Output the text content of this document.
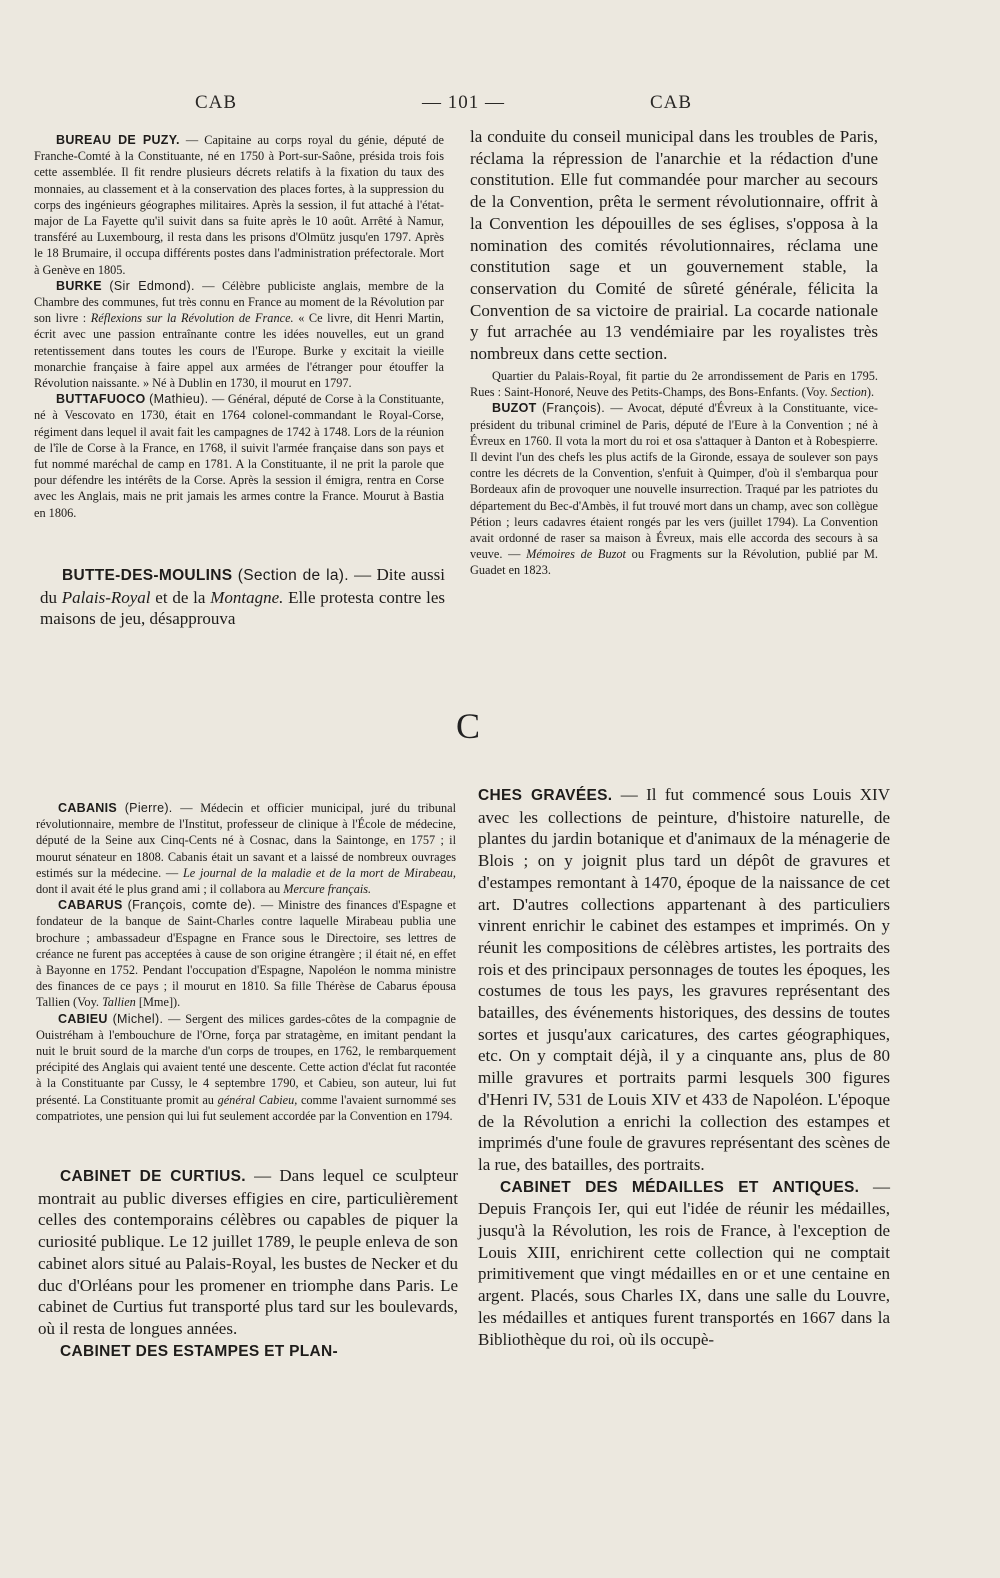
CAB	— 101 —	CAB

BUREAU DE PUZY. — Capitaine au corps royal du génie, député de Franche-Comté à la Constituante, né en 1750 à Port-sur-Saône, présida trois fois cette assemblée. Il fit rendre plusieurs décrets relatifs à la fixation du taux des monnaies, au classement et à la conservation des places fortes, à la suppression du corps des ingénieurs géographes militaires. Après la session, il fut attaché à l'état-major de La Fayette qu'il suivit dans sa fuite après le 10 août. Arrêté à Namur, transféré au Luxembourg, il resta dans les prisons d'Olmütz jusqu'en 1797. Après le 18 Brumaire, il occupa différents postes dans l'administration préfectorale. Mort à Genève en 1805.

BURKE (Sir Edmond). — Célèbre publiciste anglais, membre de la Chambre des communes, fut très connu en France au moment de la Révolution par son livre : Réflexions sur la Révolution de France. « Ce livre, dit Henri Martin, écrit avec une passion entraînante contre les idées nouvelles, eut un grand retentissement dans toutes les cours de l'Europe. Burke y excitait la vieille monarchie française à faire appel aux armées de l'étranger pour étouffer la Révolution naissante. » Né à Dublin en 1730, il mourut en 1797.

BUTTAFUOCO (Mathieu). — Général, député de Corse à la Constituante, né à Vescovato en 1730, était en 1764 colonel-commandant le Royal-Corse, régiment dans lequel il avait fait les campagnes de 1742 à 1748. Lors de la réunion de l'île de Corse à la France, en 1768, il suivit l'armée française dans son pays et fut nommé maréchal de camp en 1781. A la Constituante, il ne prit la parole que pour défendre les intérêts de la Corse. Après la session il émigra, rentra en Corse avec les Anglais, mais ne prit jamais les armes contre la France. Mourut à Bastia en 1806.

BUTTE-DES-MOULINS (Section de la). — Dite aussi du Palais-Royal et de la Montagne. Elle protesta contre les maisons de jeu, désapprouva

la conduite du conseil municipal dans les troubles de Paris, réclama la répression de l'anarchie et la rédaction d'une constitution. Elle fut commandée pour marcher au secours de la Convention, prêta le serment révolutionnaire, offrit à la Convention les dépouilles de ses églises, s'opposa à la nomination des comités révolutionnaires, réclama une constitution sage et un gouvernement stable, la conservation du Comité de sûreté générale, félicita la Convention de sa victoire de prairial. La cocarde nationale y fut arrachée au 13 vendémiaire par les royalistes très nombreux dans cette section.

Quartier du Palais-Royal, fit partie du 2e arrondissement de Paris en 1795. Rues : Saint-Honoré, Neuve des Petits-Champs, des Bons-Enfants. (Voy. Section).

BUZOT (François). — Avocat, député d'Évreux à la Constituante, vice-président du tribunal criminel de Paris, député de l'Eure à la Convention ; né à Évreux en 1760. Il vota la mort du roi et osa s'attaquer à Danton et à Robespierre. Il devint l'un des chefs les plus actifs de la Gironde, essaya de soulever son pays contre les décrets de la Convention, s'enfuit à Quimper, d'où il s'embarqua pour Bordeaux afin de provoquer une nouvelle insurrection. Traqué par les patriotes du département du Bec-d'Ambès, il fut trouvé mort dans un champ, avec son collègue Pétion ; leurs cadavres étaient rongés par les vers (juillet 1794). La Convention avait ordonné de raser sa maison à Évreux, mais elle accorda des secours à sa veuve. — Mémoires de Buzot ou Fragments sur la Révolution, publié par M. Guadet en 1823.

C

CABANIS (Pierre). — Médecin et officier municipal, juré du tribunal révolutionnaire, membre de l'Institut, professeur de clinique à l'École de médecine, député de la Seine aux Cinq-Cents né à Cosnac, dans la Saintonge, en 1757 ; il mourut sénateur en 1808. Cabanis était un savant et a laissé de nombreux ouvrages estimés sur la médecine. — Le journal de la maladie et de la mort de Mirabeau, dont il avait été le plus grand ami ; il collabora au Mercure français.

CABARUS (François, comte de). — Ministre des finances d'Espagne et fondateur de la banque de Saint-Charles contre laquelle Mirabeau publia une brochure ; ambassadeur d'Espagne en France sous le Directoire, ses lettres de créance ne furent pas acceptées à cause de son origine étrangère ; il était né, en effet à Bayonne en 1752. Pendant l'occupation d'Espagne, Napoléon le nomma ministre des finances de ce pays ; il mourut en 1810. Sa fille Thérèse de Cabarus épousa Tallien (Voy. Tallien [Mme]).

CABIEU (Michel). — Sergent des milices gardes-côtes de la compagnie de Ouistréham à l'embouchure de l'Orne, força par stratagème, en imitant pendant la nuit le bruit sourd de la marche d'un corps de troupes, en 1762, le rembarquement précipité des Anglais qui avaient tenté une descente. Cette action d'éclat fut racontée à la Constituante par Cussy, le 4 septembre 1790, et Cabieu, son auteur, lui fut présenté. La Constituante promit au général Cabieu, comme l'avaient surnommé ses compatriotes, une pension qui lui fut seulement accordée par la Convention en 1794.

CABINET DE CURTIUS. — Dans lequel ce sculpteur montrait au public diverses effigies en cire, particulièrement celles des contemporains célèbres ou capables de piquer la curiosité publique. Le 12 juillet 1789, le peuple enleva de son cabinet alors situé au Palais-Royal, les bustes de Necker et du duc d'Orléans pour les promener en triomphe dans Paris. Le cabinet de Curtius fut transporté plus tard sur les boulevards, où il resta de longues années.

CABINET DES ESTAMPES ET PLAN-

CHES GRAVÉES. — Il fut commencé sous Louis XIV avec les collections de peinture, d'histoire naturelle, de plantes du jardin botanique et d'animaux de la ménagerie de Blois ; on y joignit plus tard un dépôt de gravures et d'estampes remontant à 1470, époque de la naissance de cet art. D'autres collections appartenant à des particuliers vinrent enrichir le cabinet des estampes et imprimés. On y réunit les compositions de célèbres artistes, les portraits des rois et des principaux personnages de toutes les époques, les costumes de tous les pays, les gravures représentant des batailles, des événements historiques, des dessins de toutes sortes et jusqu'aux caricatures, des cartes géographiques, etc. On y comptait déjà, il y a cinquante ans, plus de 80 mille gravures et portraits parmi lesquels 300 figures d'Henri IV, 531 de Louis XIV et 433 de Napoléon. L'époque de la Révolution a enrichi la collection des estampes et imprimés d'une foule de gravures représentant des scènes de la rue, des batailles, des portraits.

CABINET DES MÉDAILLES ET ANTIQUES. — Depuis François Ier, qui eut l'idée de réunir les médailles, jusqu'à la Révolution, les rois de France, à l'exception de Louis XIII, enrichirent cette collection qui ne comptait primitivement que vingt médailles en or et une centaine en argent. Placés, sous Charles IX, dans une salle du Louvre, les médailles et antiques furent transportés en 1667 dans la Bibliothèque du roi, où ils occupè-
